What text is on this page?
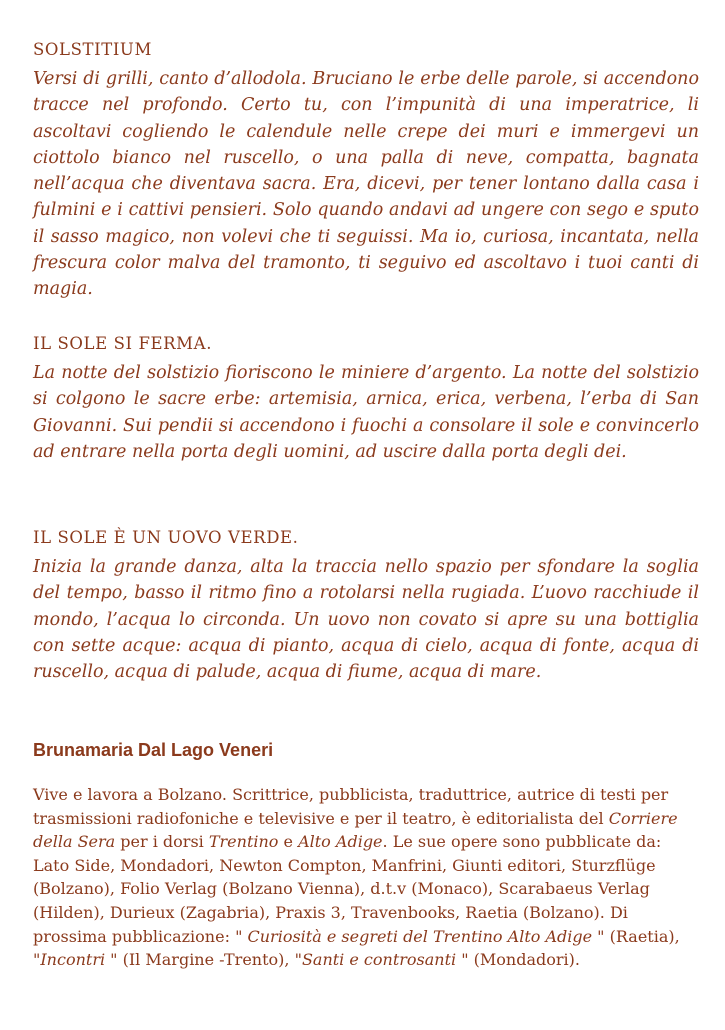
SOLSTITIUM

Versi di grilli, canto d’allodola. Bruciano le erbe delle parole, si accendono tracce nel profondo. Certo tu, con l’impunità di una imperatrice, li ascoltavi cogliendo le calendule nelle crepe dei muri e immergevi un ciottolo bianco nel ruscello, o una palla di neve, compatta, bagnata nell’acqua che diventava sacra. Era, dicevi, per tener lontano dalla casa i fulmini e i cattivi pensieri. Solo quando andavi ad ungere con sego e sputo il sasso magico, non volevi che ti seguissi. Ma io, curiosa, incantata, nella frescura color malva del tramonto, ti seguivo ed ascoltavo i tuoi canti di magia.

IL SOLE SI FERMA.

La notte del solstizio fioriscono le miniere d’argento. La notte del solstizio si colgono le sacre erbe: artemisia, arnica, erica, verbena, l’erba di San Giovanni. Sui pendii si accendono i fuochi a consolare il sole e convincerlo ad entrare nella porta degli uomini, ad uscire dalla porta degli dei.

IL SOLE È UN UOVO VERDE.

Inizia la grande danza, alta la traccia nello spazio per sfondare la soglia del tempo, basso il ritmo fino a rotolarsi nella rugiada. L’uovo racchiude il mondo, l’acqua lo circonda. Un uovo non covato si apre su una bottiglia con sette acque: acqua di pianto, acqua di cielo, acqua di fonte, acqua di ruscello, acqua di palude, acqua di fiume, acqua di mare.

Brunamaria Dal Lago Veneri

Vive e lavora a Bolzano. Scrittrice, pubblicista, traduttrice, autrice di testi per trasmissioni radiofoniche e televisive e per il teatro, è editorialista del Corriere della Sera per i dorsi Trentino e Alto Adige. Le sue opere sono pubblicate da: Lato Side, Mondadori, Newton Compton, Manfrini, Giunti editori, Sturzflüge (Bolzano), Folio Verlag (Bolzano Vienna), d.t.v (Monaco), Scarabaeus Verlag (Hilden), Durieux (Zagabria), Praxis 3, Travenbooks, Raetia (Bolzano). Di prossima pubblicazione: " Curiosità e segreti del Trentino Alto Adige " (Raetia), "Incontri " (Il Margine -Trento), "Santi e controsanti " (Mondadori).
